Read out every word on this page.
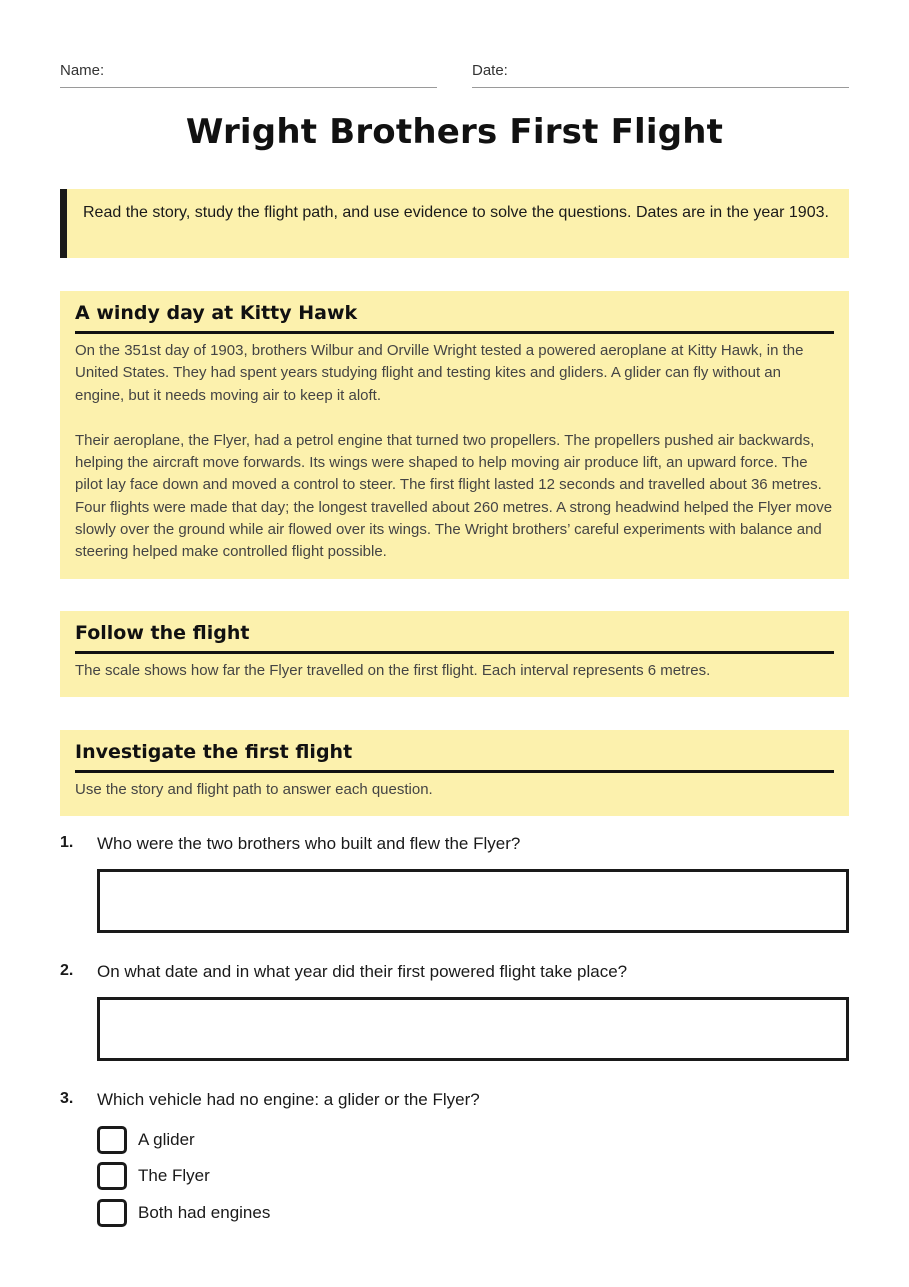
Name:	Date:
Wright Brothers First Flight
Read the story, study the flight path, and use evidence to solve the questions. Dates are in the year 1903.
A windy day at Kitty Hawk

On the 351st day of 1903, brothers Wilbur and Orville Wright tested a powered aeroplane at Kitty Hawk, in the United States. They had spent years studying flight and testing kites and gliders. A glider can fly without an engine, but it needs moving air to keep it aloft.

Their aeroplane, the Flyer, had a petrol engine that turned two propellers. The propellers pushed air backwards, helping the aircraft move forwards. Its wings were shaped to help moving air produce lift, an upward force. The pilot lay face down and moved a control to steer. The first flight lasted 12 seconds and travelled about 36 metres. Four flights were made that day; the longest travelled about 260 metres. A strong headwind helped the Flyer move slowly over the ground while air flowed over its wings. The Wright brothers’ careful experiments with balance and steering helped make controlled flight possible.

Follow the flight

The scale shows how far the Flyer travelled on the first flight. Each interval represents 6 metres.

Investigate the first flight

Use the story and flight path to answer each question.

1. Who were the two brothers who built and flew the Flyer?
2. On what date and in what year did their first powered flight take place?
3. Which vehicle had no engine: a glider or the Flyer?
A glider
The Flyer
Both had engines
